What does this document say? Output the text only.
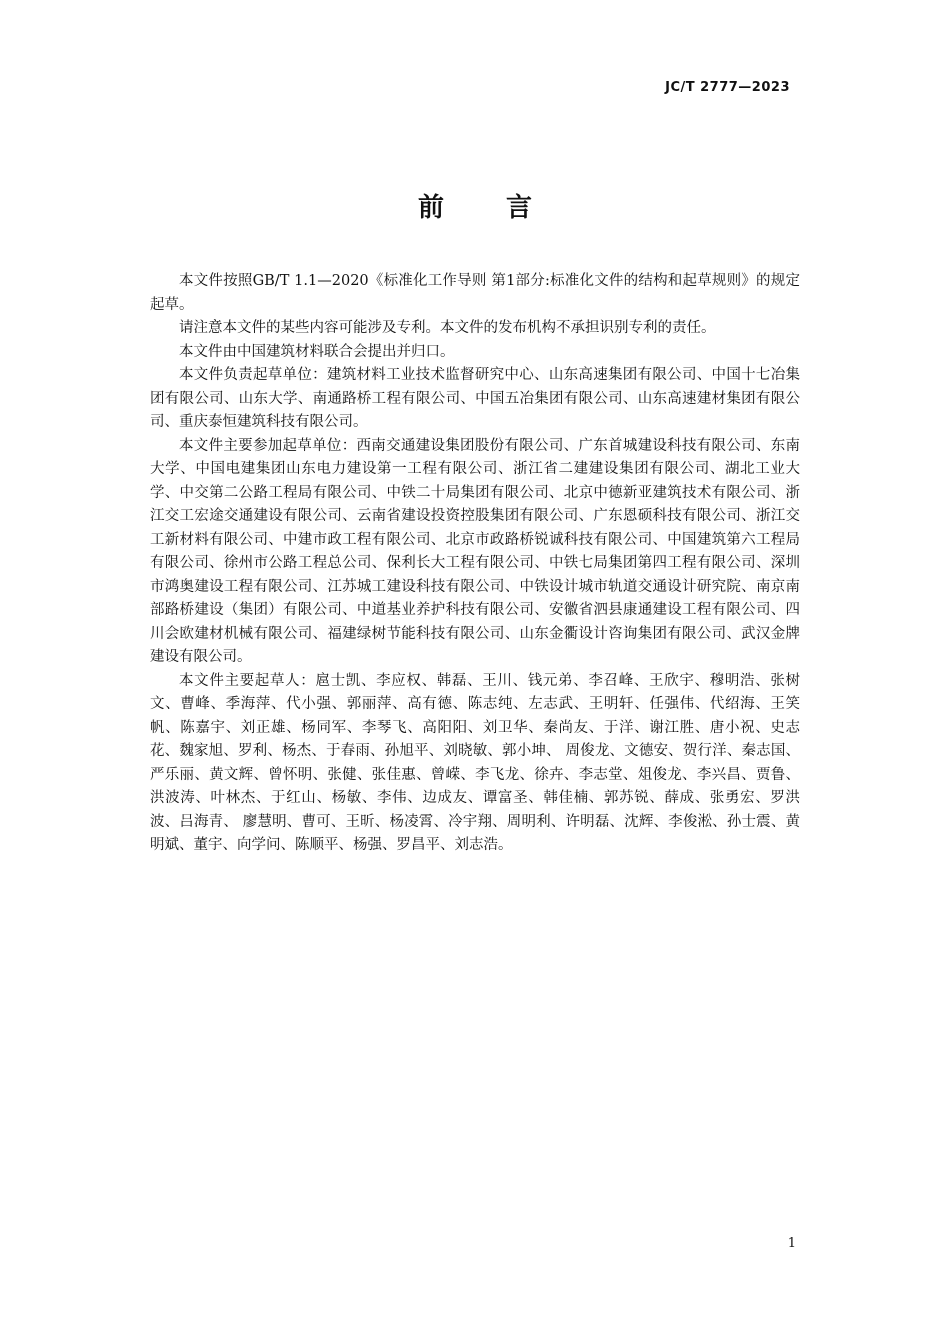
JC/T 2777—2023
前 言

本文件按照GB/T 1.1—2020《标准化工作导则 第1部分:标准化文件的结构和起草规则》的规定起草。

请注意本文件的某些内容可能涉及专利。本文件的发布机构不承担识别专利的责任。

本文件由中国建筑材料联合会提出并归口。

本文件负责起草单位：建筑材料工业技术监督研究中心、山东高速集团有限公司、中国十七冶集团有限公司、山东大学、南通路桥工程有限公司、中国五冶集团有限公司、山东高速建材集团有限公司、重庆泰恒建筑科技有限公司。

本文件主要参加起草单位：西南交通建设集团股份有限公司、广东首城建设科技有限公司、东南大学、中国电建集团山东电力建设第一工程有限公司、浙江省二建建设集团有限公司、湖北工业大学、中交第二公路工程局有限公司、中铁二十局集团有限公司、北京中德新亚建筑技术有限公司、浙江交工宏途交通建设有限公司、云南省建设投资控股集团有限公司、广东恩硕科技有限公司、浙江交工新材料有限公司、中建市政工程有限公司、北京市政路桥锐诚科技有限公司、中国建筑第六工程局有限公司、徐州市公路工程总公司、保利长大工程有限公司、中铁七局集团第四工程有限公司、深圳市鸿奥建设工程有限公司、江苏城工建设科技有限公司、中铁设计城市轨道交通设计研究院、南京南部路桥建设（集团）有限公司、中道基业养护科技有限公司、安徽省泗县康通建设工程有限公司、四川会欧建材机械有限公司、福建绿树节能科技有限公司、山东金衢设计咨询集团有限公司、武汉金牌建设有限公司。

本文件主要起草人：扈士凯、李应权、韩磊、王川、钱元弟、李召峰、王欣宇、穆明浩、张树文、曹峰、季海萍、代小强、郭丽萍、高有德、陈志纯、左志武、王明轩、任强伟、代绍海、王笑帆、陈嘉宇、刘正雄、杨同军、李琴飞、高阳阳、刘卫华、秦尚友、于洋、谢江胜、唐小祝、史志花、魏家旭、罗利、杨杰、于春雨、孙旭平、刘晓敏、郭小坤、 周俊龙、文德安、贺行洋、秦志国、严乐丽、黄文辉、曾怀明、张健、张佳惠、曾嵘、李飞龙、徐卉、李志堂、俎俊龙、李兴昌、贾鲁、洪波涛、叶林杰、于红山、杨敏、李伟、边成友、谭富圣、韩佳楠、郭苏锐、薛成、张勇宏、罗洪波、吕海青、 廖慧明、曹可、王昕、杨凌霄、冷宇翔、周明利、许明磊、沈辉、李俊淞、孙士震、黄明斌、董宇、向学问、陈顺平、杨强、罗昌平、刘志浩。

1
